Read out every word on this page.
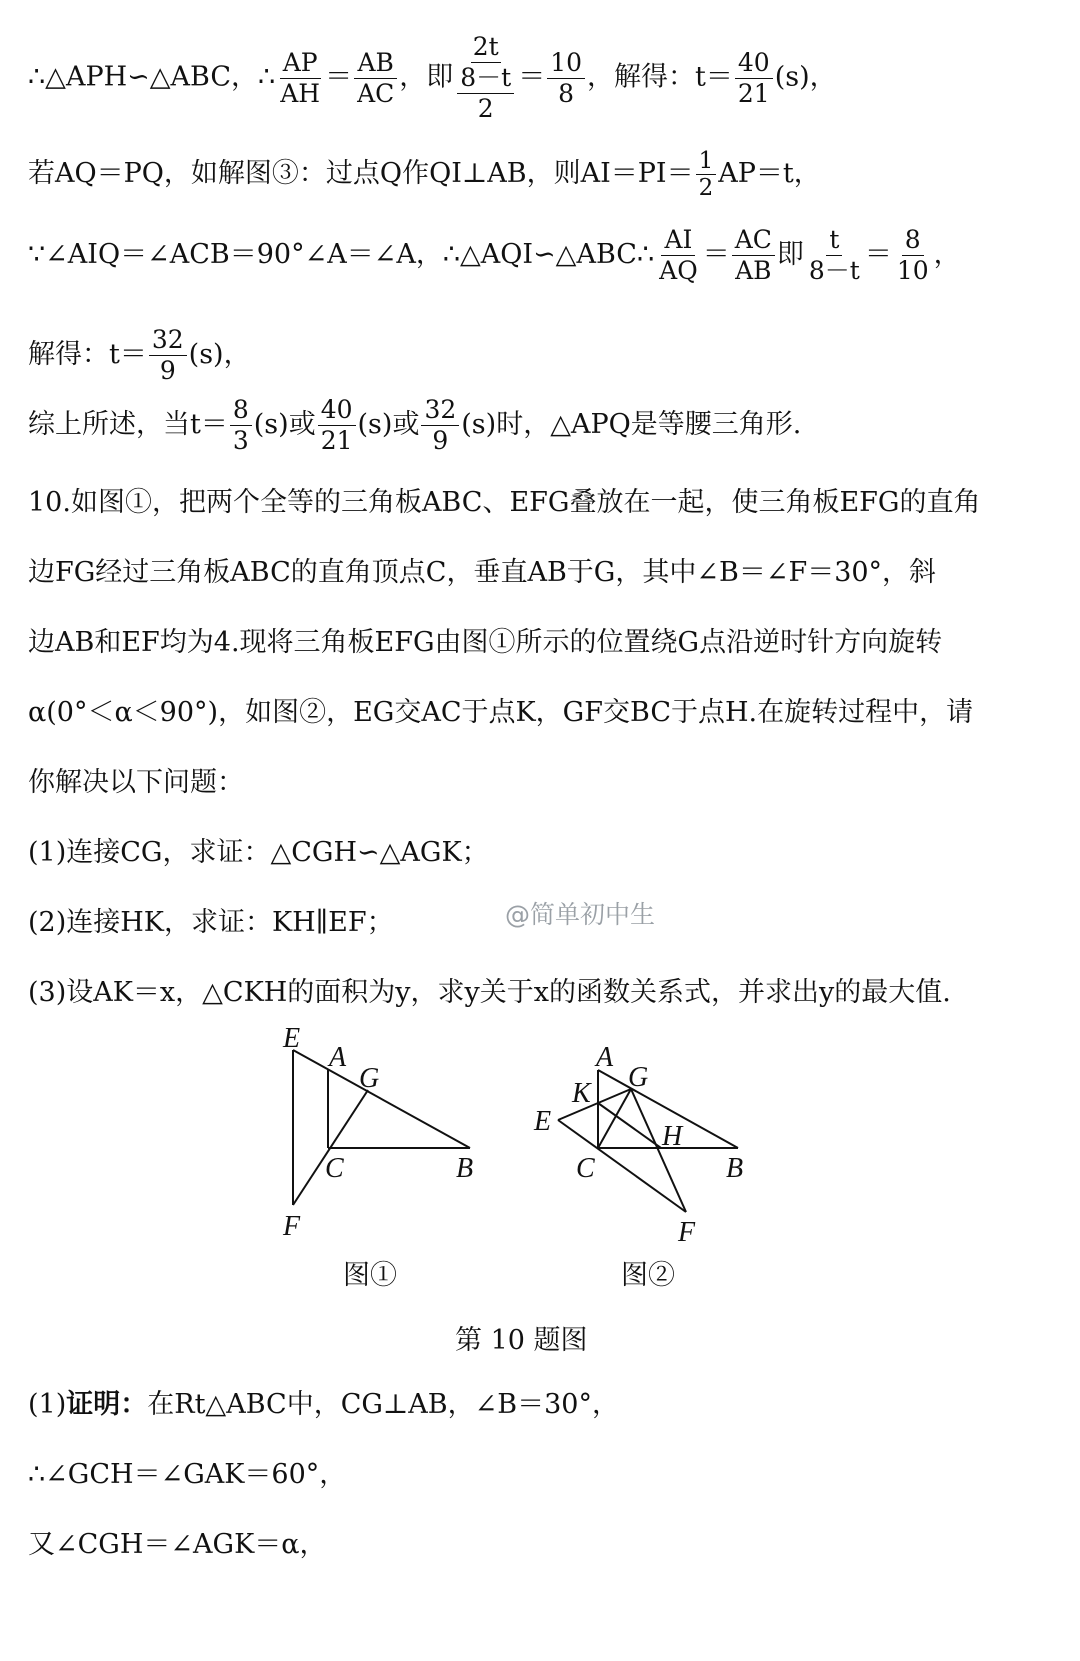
∴△APH∽△ABC，∴ $\frac{AP}{AH} = \frac{AB}{AC}$ ，即 $\frac{\frac{2t}{8-t}}{2} = \frac{10}{8}$ ，解得：$t= \frac{40}{21} (s)$，
若AQ＝PQ，如解图③：过点Q作QI⊥AB，则$AI=PI= \frac{1}{2} AP=t$，
∵∠AIQ＝∠ACB＝90°∠A＝∠A，∴△AQI∽△ABC∴ $\frac{AI}{AQ} = \frac{AC}{AB}$ 即 $\frac{t}{8-t} = \frac{8}{10}$ ，
解得：$t= \frac{32}{9} (s)$，
综上所述，当$t= \frac{8}{3} (s)$或 $\frac{40}{21} (s)$或 $\frac{32}{9} (s)$时，△APQ是等腰三角形.
10.如图①，把两个全等的三角板ABC、EFG叠放在一起，使三角板EFG的直角
边FG经过三角板ABC的直角顶点C，垂直AB于G，其中∠B＝∠F＝30°，斜
边AB和EF均为4.现将三角板EFG由图①所示的位置绕G点沿逆时针方向旋转
α(0°＜α＜90°)，如图②，EG交AC于点K，GF交BC于点H.在旋转过程中，请
你解决以下问题：
(1)连接CG，求证：△CGH∽△AGK；
(2)连接HK，求证：KH∥EF；	@简单初中生
(3)设AK＝x，△CKH的面积为y，求y关于x的函数关系式，并求出y的最大值.
E
A
G
C	B
F
A
G
K
E	H
C	B
F
图①	图②
第 10 题图
(1)证明：在Rt△ABC中，CG⊥AB，∠B＝30°，
∴∠GCH＝∠GAK＝60°，
又∠CGH＝∠AGK＝α，
